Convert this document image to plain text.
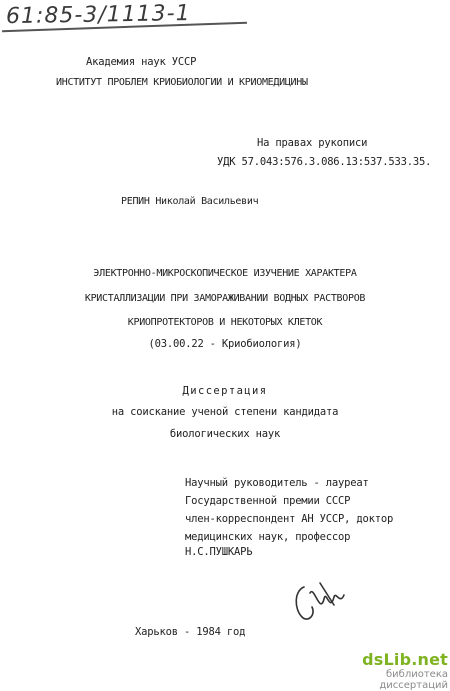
61:85-3/1113-1
Академия наук УССР
ИНСТИТУТ ПРОБЛЕМ КРИОБИОЛОГИИ И КРИОМЕДИЦИНЫ
На правах рукописи
УДК 57.043:576.3.086.13:537.533.35.
РЕПИН Николай Васильевич
ЭЛЕКТРОННО-МИКРОСКОПИЧЕСКОЕ ИЗУЧЕНИЕ ХАРАКТЕРА
КРИСТАЛЛИЗАЦИИ ПРИ ЗАМОРАЖИВАНИИ ВОДНЫХ РАСТВОРОВ
КРИОПРОТЕКТОРОВ И НЕКОТОРЫХ КЛЕТОК
(03.00.22 - Криобиология)
Диссертация
на соискание ученой степени кандидата
биологических наук
Научный руководитель - лауреат
Государственной премии СССР
член-корреспондент АН УССР, доктор
медицинских наук, профессор
Н.С.ПУШКАРЬ
Харьков - 1984 год
dsLib.net
библиотека диссертаций
